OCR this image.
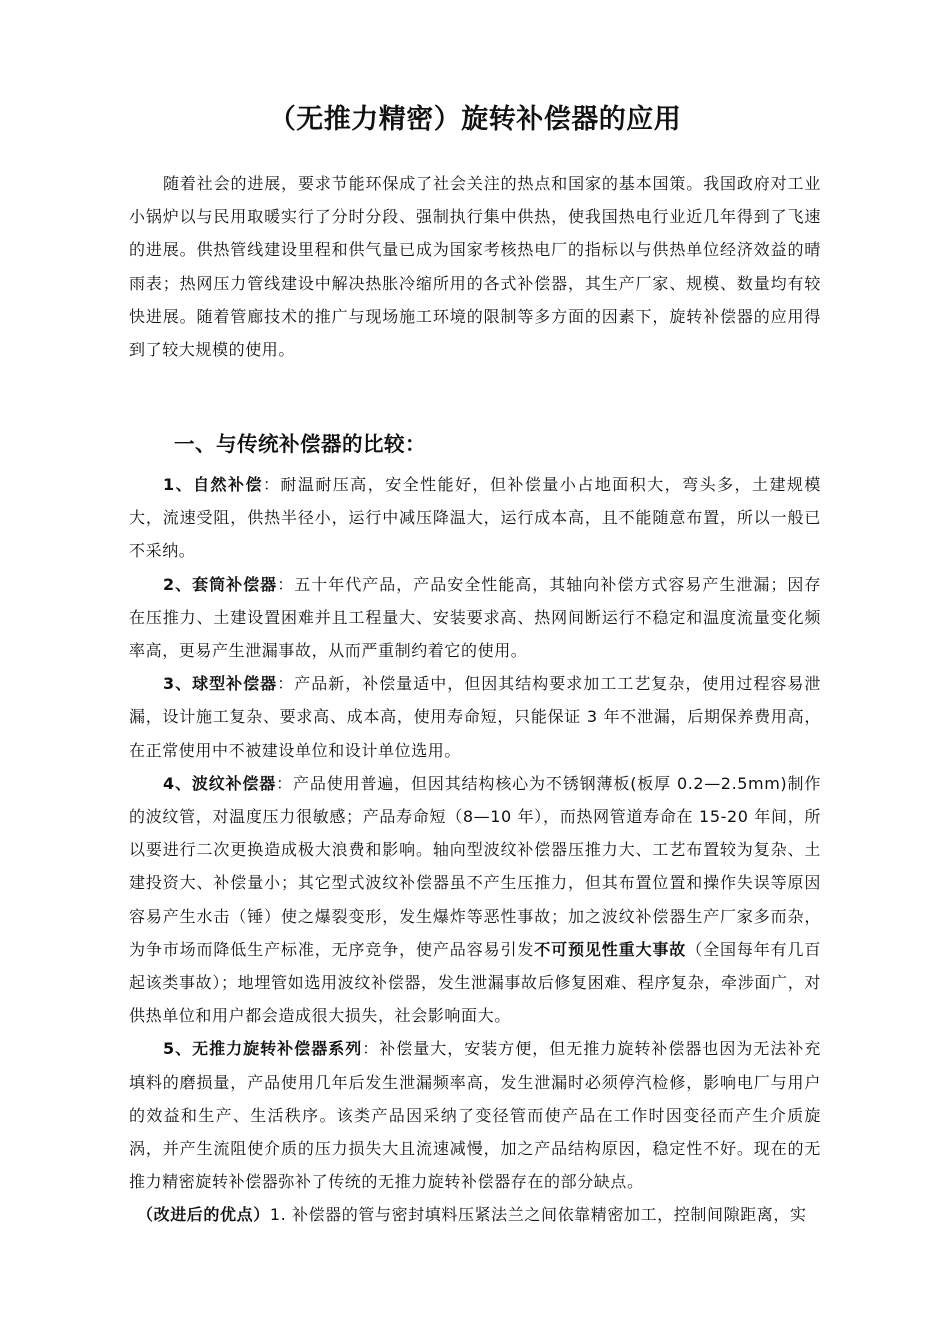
（无推力精密）旋转补偿器的应用
随着社会的进展，要求节能环保成了社会关注的热点和国家的基本国策。我国政府对工业小锅炉以与民用取暖实行了分时分段、强制执行集中供热，使我国热电行业近几年得到了飞速的进展。供热管线建设里程和供气量已成为国家考核热电厂的指标以与供热单位经济效益的晴雨表；热网压力管线建设中解决热胀冷缩所用的各式补偿器，其生产厂家、规模、数量均有较快进展。随着管廊技术的推广与现场施工环境的限制等多方面的因素下，旋转补偿器的应用得到了较大规模的使用。
一、与传统补偿器的比较：

1、自然补偿：耐温耐压高，安全性能好，但补偿量小占地面积大，弯头多，土建规模大，流速受阻，供热半径小，运行中减压降温大，运行成本高，且不能随意布置，所以一般已不采纳。

2、套筒补偿器：五十年代产品，产品安全性能高，其轴向补偿方式容易产生泄漏；因存在压推力、土建设置困难并且工程量大、安装要求高、热网间断运行不稳定和温度流量变化频率高，更易产生泄漏事故，从而严重制约着它的使用。

3、球型补偿器：产品新，补偿量适中，但因其结构要求加工工艺复杂，使用过程容易泄漏，设计施工复杂、要求高、成本高，使用寿命短，只能保证 3 年不泄漏，后期保养费用高，在正常使用中不被建设单位和设计单位选用。

4、波纹补偿器：产品使用普遍，但因其结构核心为不锈钢薄板(板厚 0.2—2.5mm)制作的波纹管，对温度压力很敏感；产品寿命短（8—10 年），而热网管道寿命在 15-20 年间，所以要进行二次更换造成极大浪费和影响。轴向型波纹补偿器压推力大、工艺布置较为复杂、土建投资大、补偿量小；其它型式波纹补偿器虽不产生压推力，但其布置位置和操作失误等原因容易产生水击（锤）使之爆裂变形，发生爆炸等恶性事故；加之波纹补偿器生产厂家多而杂，为争市场而降低生产标准，无序竞争，使产品容易引发不可预见性重大事故（全国每年有几百起该类事故）；地埋管如选用波纹补偿器，发生泄漏事故后修复困难、程序复杂，牵涉面广，对供热单位和用户都会造成很大损失，社会影响面大。

5、无推力旋转补偿器系列：补偿量大，安装方便，但无推力旋转补偿器也因为无法补充填料的磨损量，产品使用几年后发生泄漏频率高，发生泄漏时必须停汽检修，影响电厂与用户的效益和生产、生活秩序。该类产品因采纳了变径管而使产品在工作时因变径而产生介质旋涡，并产生流阻使介质的压力损失大且流速减慢，加之产品结构原因，稳定性不好。现在的无推力精密旋转补偿器弥补了传统的无推力旋转补偿器存在的部分缺点。

（改进后的优点）1. 补偿器的管与密封填料压紧法兰之间依靠精密加工，控制间隙距离，实
